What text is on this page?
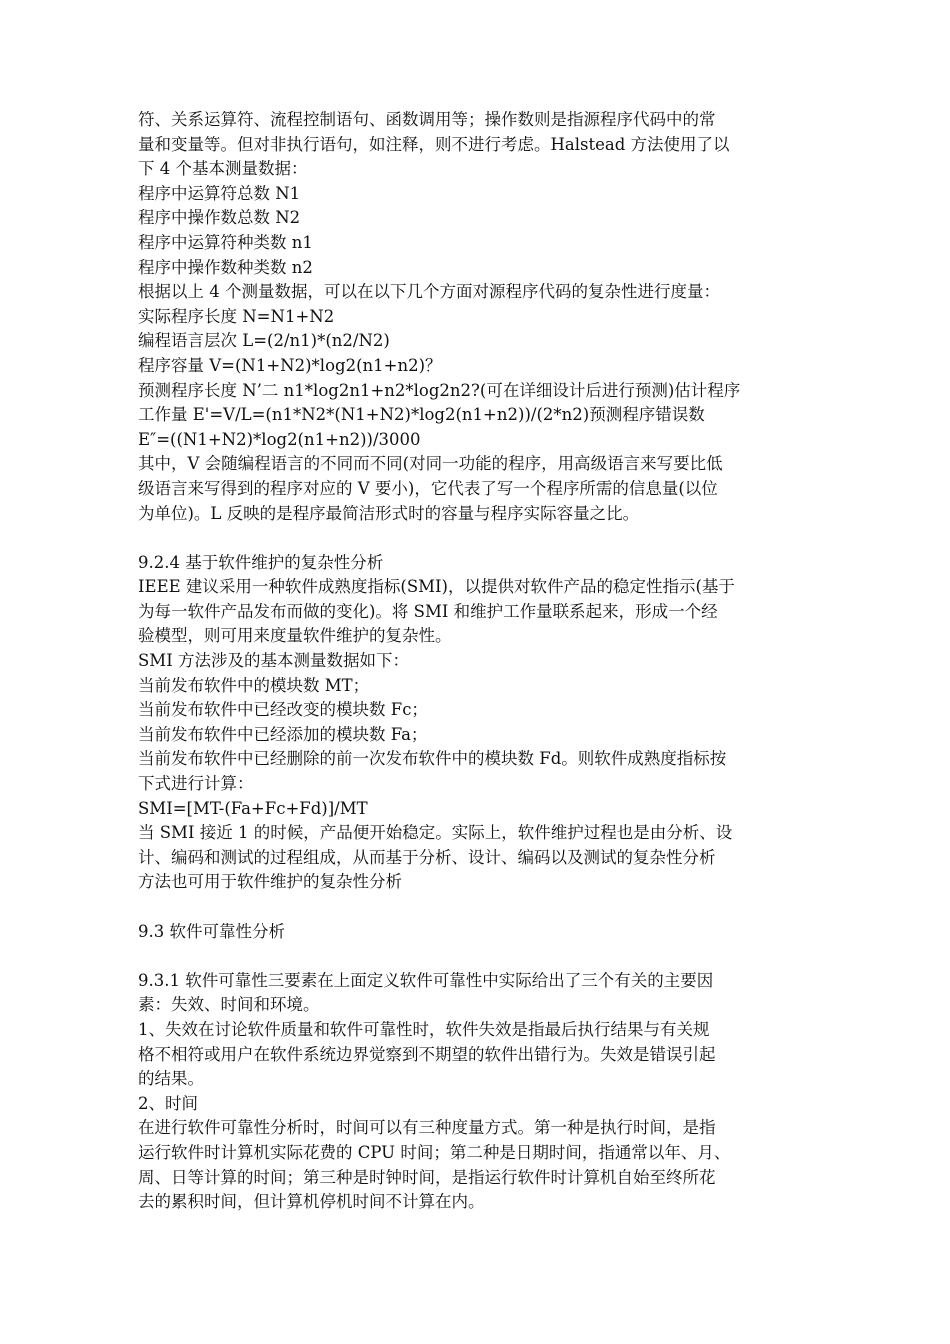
符、关系运算符、流程控制语句、函数调用等；操作数则是指源程序代码中的常
量和变量等。但对非执行语句，如注释，则不进行考虑。Halstead 方法使用了以
下 4 个基本测量数据：
程序中运算符总数 N1
程序中操作数总数 N2
程序中运算符种类数 n1
程序中操作数种类数 n2
根据以上 4 个测量数据，可以在以下几个方面对源程序代码的复杂性进行度量：
实际程序长度 N=N1+N2
编程语言层次 L=(2/n1)*(n2/N2)
程序容量 V=(N1+N2)*log2(n1+n2)？
预测程序长度 N’二 n1*log2n1+n2*log2n2?(可在详细设计后进行预测)估计程序
工作量 E'=V/L=(n1*N2*(N1+N2)*log2(n1+n2))/(2*n2)预测程序错误数
E″=((N1+N2)*log2(n1+n2))/3000
其中，V 会随编程语言的不同而不同(对同一功能的程序，用高级语言来写要比低
级语言来写得到的程序对应的 V 要小)，它代表了写一个程序所需的信息量(以位
为单位)。L 反映的是程序最简洁形式时的容量与程序实际容量之比。
9.2.4 基于软件维护的复杂性分析
IEEE 建议采用一种软件成熟度指标(SMI)，以提供对软件产品的稳定性指示(基于
为每一软件产品发布而做的变化)。将 SMI 和维护工作量联系起来，形成一个经
验模型，则可用来度量软件维护的复杂性。
SMI 方法涉及的基本测量数据如下：
当前发布软件中的模块数 MT；
当前发布软件中已经改变的模块数 Fc；
当前发布软件中已经添加的模块数 Fa；
当前发布软件中已经删除的前一次发布软件中的模块数 Fd。则软件成熟度指标按
下式进行计算：
SMI=[MT-(Fa+Fc+Fd)]/MT
当 SMI 接近 1 的时候，产品便开始稳定。实际上，软件维护过程也是由分析、设
计、编码和测试的过程组成，从而基于分析、设计、编码以及测试的复杂性分析
方法也可用于软件维护的复杂性分析
9.3 软件可靠性分析
9.3.1 软件可靠性三要素在上面定义软件可靠性中实际给出了三个有关的主要因
素：失效、时间和环境。
1、失效在讨论软件质量和软件可靠性时，软件失效是指最后执行结果与有关规
格不相符或用户在软件系统边界觉察到不期望的软件出错行为。失效是错误引起
的结果。
2、时间
在进行软件可靠性分析时，时间可以有三种度量方式。第一种是执行时间，是指
运行软件时计算机实际花费的 CPU 时间；第二种是日期时间，指通常以年、月、
周、日等计算的时间；第三种是时钟时间，是指运行软件时计算机自始至终所花
去的累积时间，但计算机停机时间不计算在内。
